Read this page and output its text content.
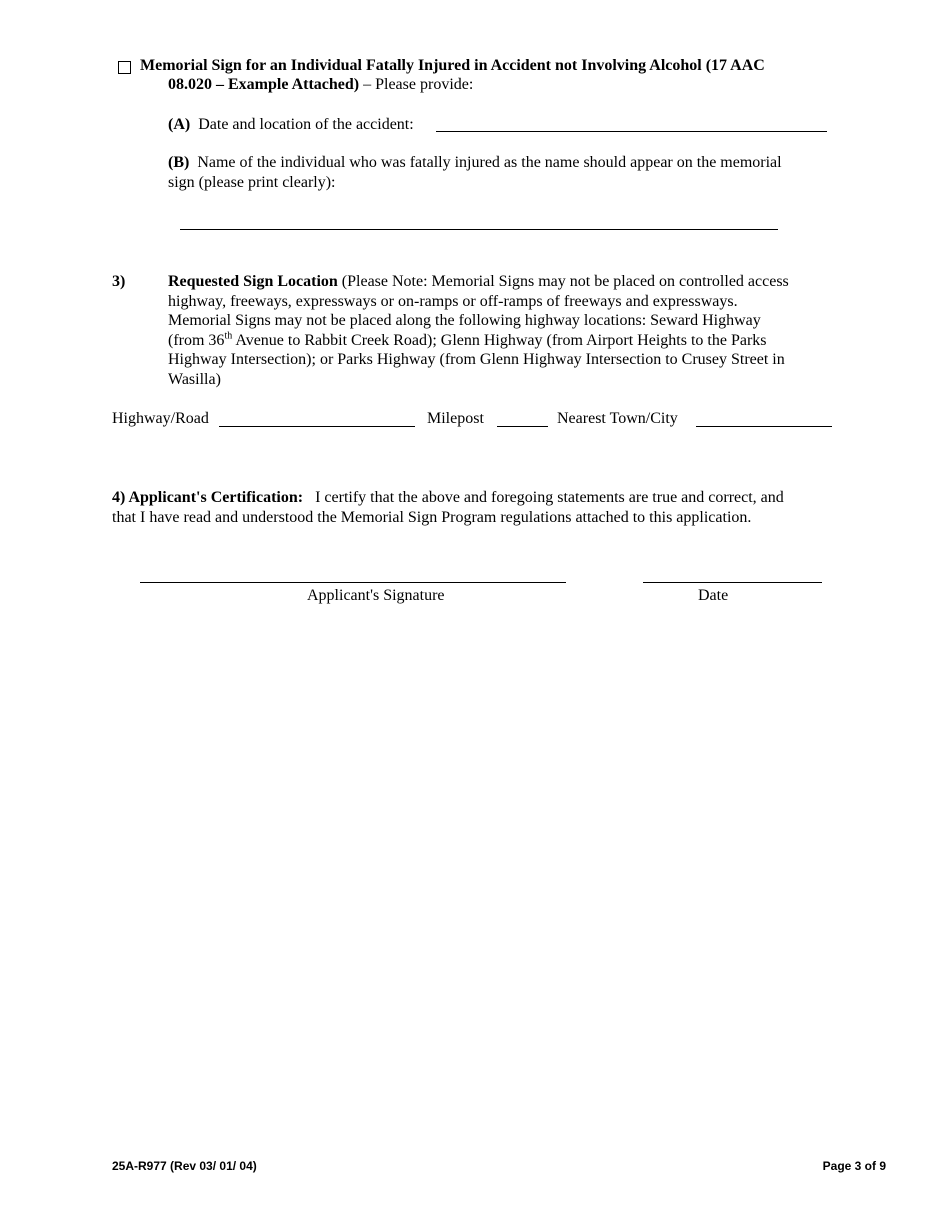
Memorial Sign for an Individual Fatally Injured in Accident not Involving Alcohol (17 AAC
08.020 – Example Attached) – Please provide:
(A) Date and location of the accident:
(B) Name of the individual who was fatally injured as the name should appear on the memorial
sign (please print clearly):
3)	Requested Sign Location (Please Note: Memorial Signs may not be placed on controlled access
highway, freeways, expressways or on-ramps or off-ramps of freeways and expressways.
Memorial Signs may not be placed along the following highway locations: Seward Highway
(from 36th Avenue to Rabbit Creek Road); Glenn Highway (from Airport Heights to the Parks
Highway Intersection); or Parks Highway (from Glenn Highway Intersection to Crusey Street in
Wasilla)
Highway/Road	Milepost	Nearest Town/City
4) Applicant's Certification: I certify that the above and foregoing statements are true and correct, and
that I have read and understood the Memorial Sign Program regulations attached to this application.
Applicant's Signature	Date
25A-R977 (Rev 03/ 01/ 04)	Page 3 of 9
